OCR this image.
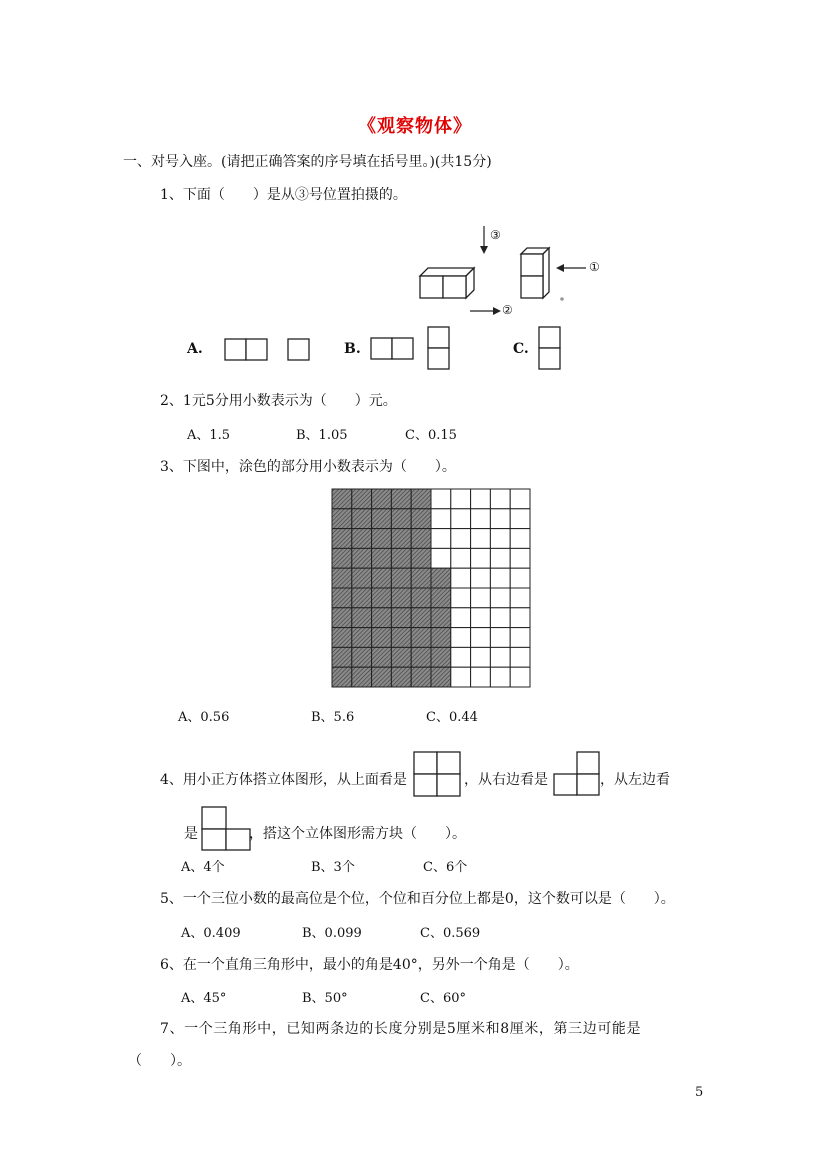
《观察物体》
一、对号入座。(请把正确答案的序号填在括号里。)(共15分)
1、下面（　　）是从③号位置拍摄的。
③
①
②
A.	B.	C.
2、1元5分用小数表示为（　　）元。
A、1.5	B、1.05	C、0.15
3、下图中，涂色的部分用小数表示为（　　）。
A、0.56	B、5.6	C、0.44
4、用小正方体搭立体图形，从上面看是	，从右边看是	，从左边看
是	，搭这个立体图形需方块（　　）。
A、4个	B、3个	C、6个
5、一个三位小数的最高位是个位，个位和百分位上都是0，这个数可以是（　　）。
A、0.409	B、0.099	C、0.569
6、在一个直角三角形中，最小的角是40°，另外一个角是（　　）。
A、45°	B、50°	C、60°
7、一个三角形中，已知两条边的长度分别是5厘米和8厘米，第三边可能是
（　　）。
5
